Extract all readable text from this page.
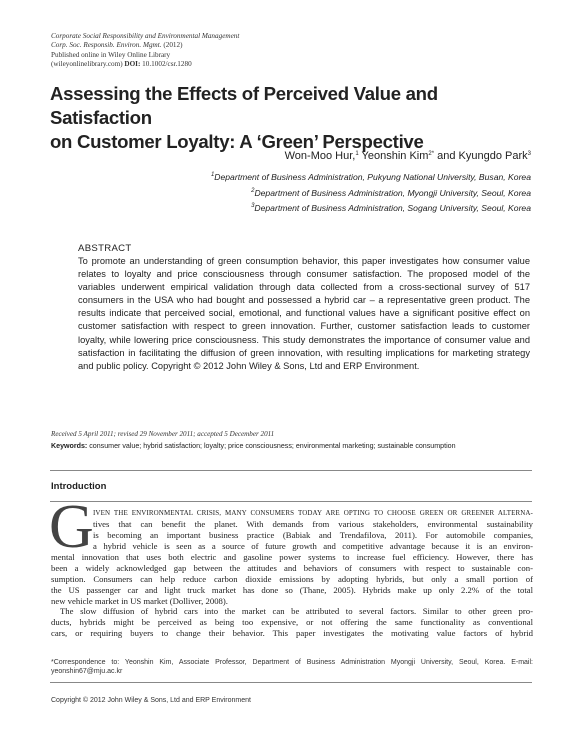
Corporate Social Responsibility and Environmental Management
Corp. Soc. Responsib. Environ. Mgmt. (2012)
Published online in Wiley Online Library
(wileyonlinelibrary.com) DOI: 10.1002/csr.1280
Assessing the Effects of Perceived Value and Satisfaction
on Customer Loyalty: A ‘Green’ Perspective
Won-Moo Hur,$^1$ Yeonshin Kim$^{2*}$ and Kyungdo Park$^3$
$^1$Department of Business Administration, Pukyung National University, Busan, Korea
$^2$Department of Business Administration, Myongji University, Seoul, Korea
$^3$Department of Business Administration, Sogang University, Seoul, Korea
ABSTRACT
To promote an understanding of green consumption behavior, this paper investigates how consumer value relates to loyalty and price consciousness through consumer satisfaction. The proposed model of the variables underwent empirical validation through data collected from a cross-sectional survey of 517 consumers in the USA who had bought and possessed a hybrid car – a representative green product. The results indicate that perceived social, emotional, and functional values have a significant positive effect on customer satisfaction with respect to green innovation. Further, customer satisfaction leads to customer loyalty, while lowering price consciousness. This study demonstrates the importance of consumer value and satisfaction in facilitating the diffusion of green innovation, with resulting implications for marketing strategy and public policy. Copyright © 2012 John Wiley & Sons, Ltd and ERP Environment.
Received 5 April 2011; revised 29 November 2011; accepted 5 December 2011
Keywords: consumer value; hybrid satisfaction; loyalty; price consciousness; environmental marketing; sustainable consumption
Introduction
G IVEN THE ENVIRONMENTAL CRISIS, MANY CONSUMERS TODAY ARE OPTING TO CHOOSE GREEN OR GREENER ALTERNA-
tives that can benefit the planet. With demands from various stakeholders, environmental sustainability
is becoming an important business practice (Babiak and Trendafilova, 2011). For automobile companies,
a hybrid vehicle is seen as a source of future growth and competitive advantage because it is an environ-
mental innovation that uses both electric and gasoline power systems to increase fuel efficiency. However, there has
been a widely acknowledged gap between the attitudes and behaviors of consumers with respect to sustainable con-
sumption. Consumers can help reduce carbon dioxide emissions by adopting hybrids, but only a small portion of
the US passenger car and light truck market has done so (Thane, 2005). Hybrids make up only 2.2% of the total
new vehicle market in US market (Dolliver, 2008).
The slow diffusion of hybrid cars into the market can be attributed to several factors. Similar to other green pro-
ducts, hybrids might be perceived as being too expensive, or not offering the same functionality as conventional
cars, or requiring buyers to change their behavior. This paper investigates the motivating value factors of hybrid
*Correspondence to: Yeonshin Kim, Associate Professor, Department of Business Administration Myongji University, Seoul, Korea. E-mail: yeonshin67@mju.ac.kr
Copyright © 2012 John Wiley & Sons, Ltd and ERP Environment
